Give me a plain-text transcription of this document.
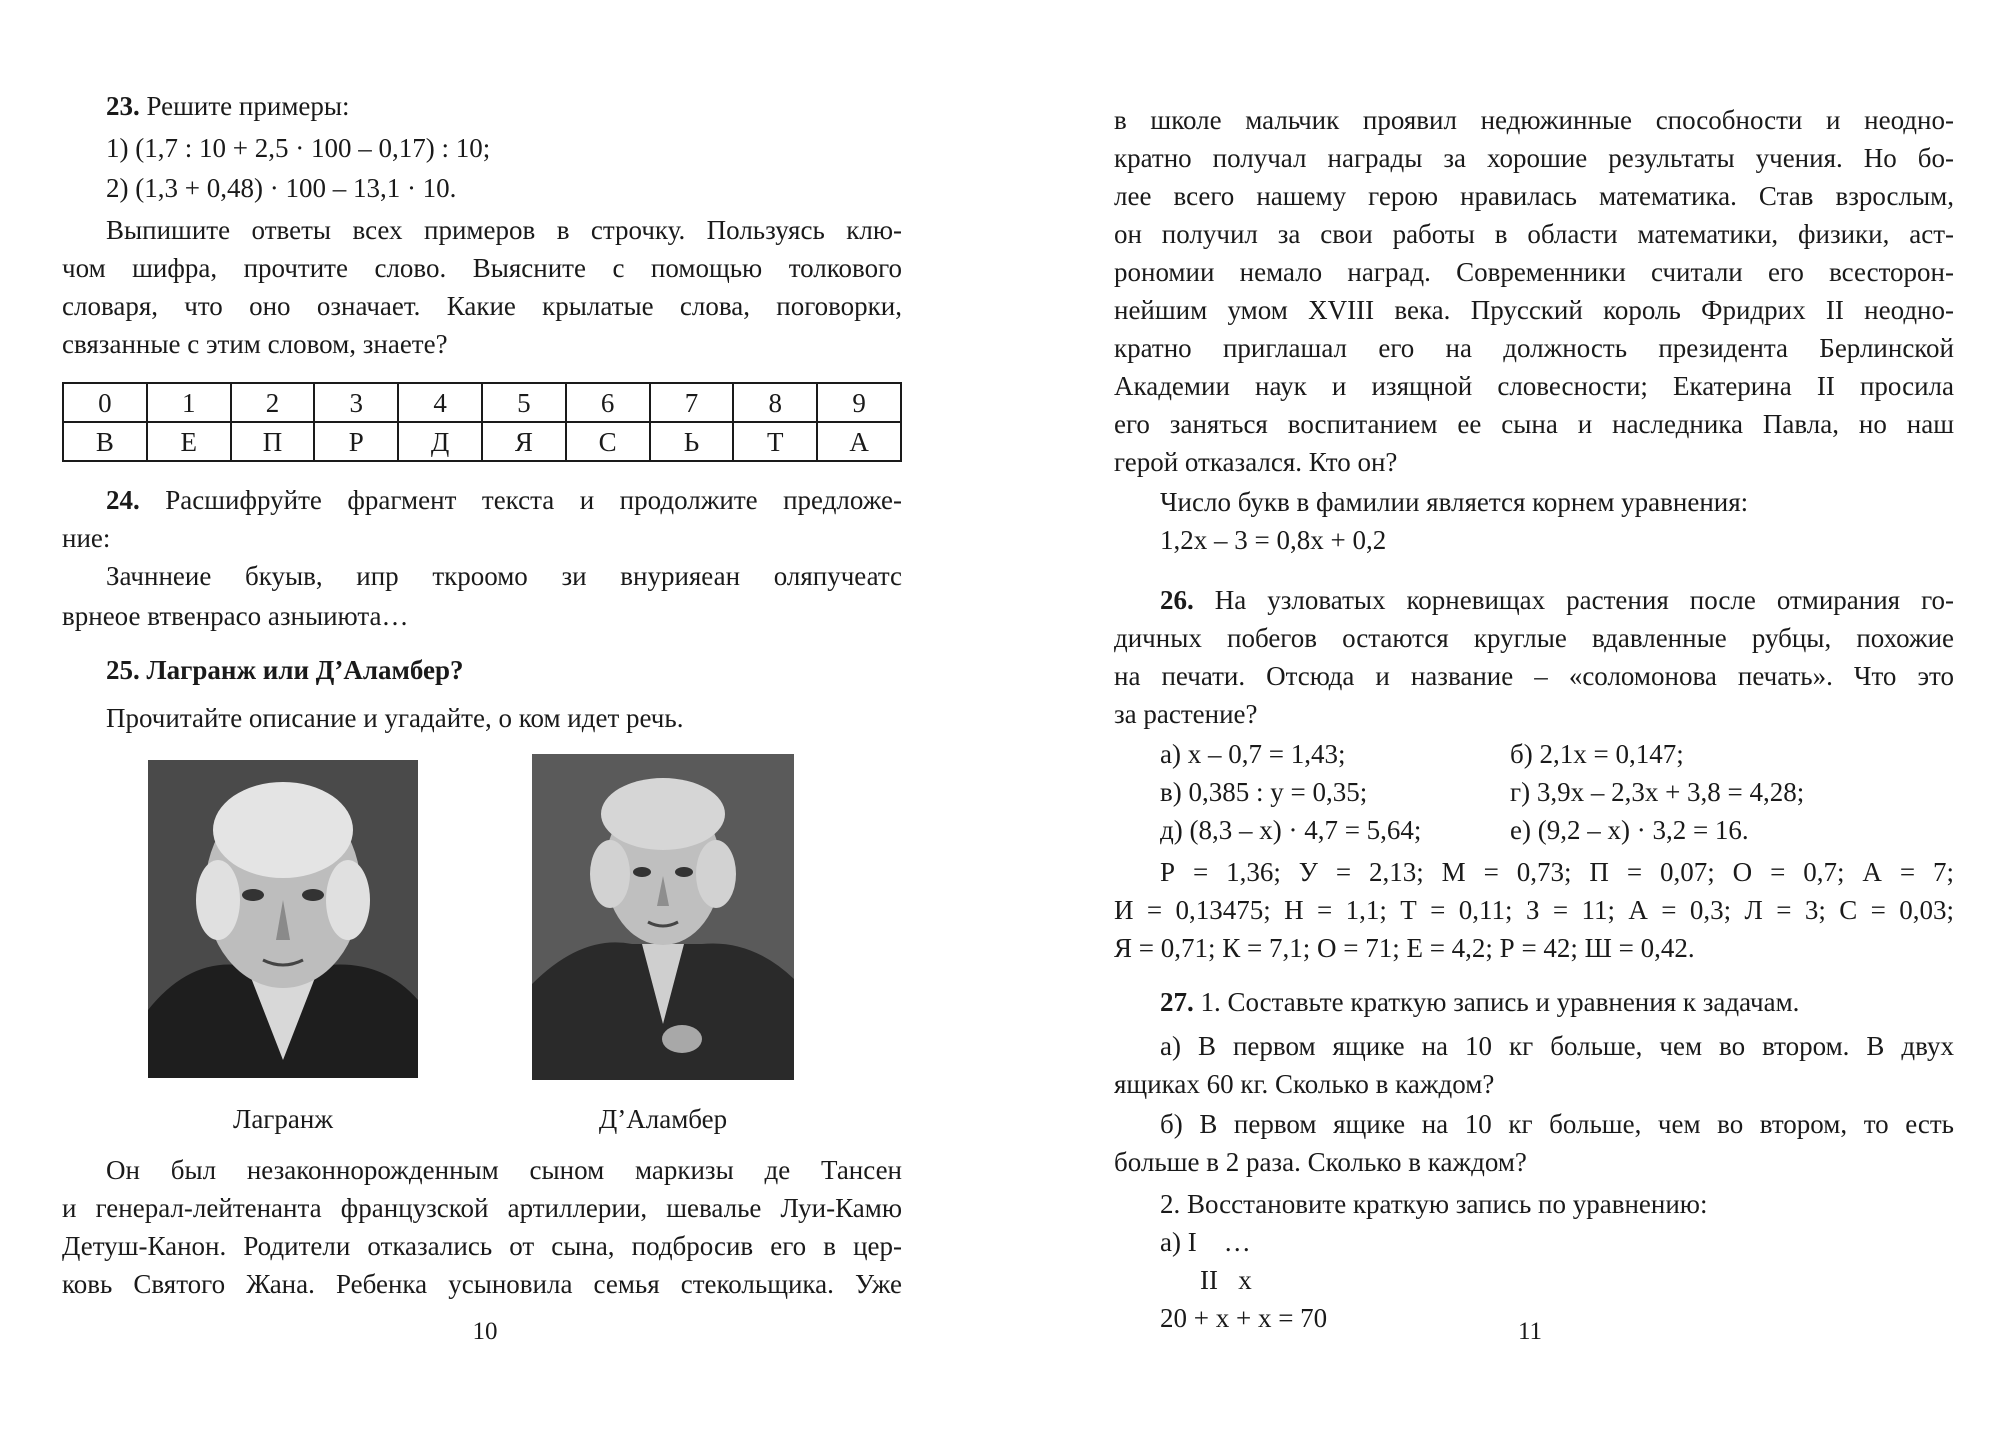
23. Решите примеры:
1) (1,7 : 10 + 2,5 · 100 – 0,17) : 10;
2) (1,3 + 0,48) · 100 – 13,1 · 10.
Выпишите ответы всех примеров в строчку. Пользуясь клю-
чом шифра, прочтите слово. Выясните с помощью толкового
словаря, что оно означает. Какие крылатые слова, поговорки,
связанные с этим словом, знаете?
0	1	2	3	4	5	6	7	8	9
В	Е	П	Р	Д	Я	С	Ь	Т	А
24. Расшифруйте фрагмент текста и продолжите предложе-
ние:
Зачннеие бкуыв, ипр ткроомо зи внурияеан оляпучеатс
врнеое втвенрасо азныиюта…
25. Лагранж или Д’Аламбер?
Прочитайте описание и угадайте, о ком идет речь.
Лагранж	Д’Аламбер
Он был незаконнорожденным сыном маркизы де Тансен
и генерал-лейтенанта французской артиллерии, шевалье Луи-Камю
Детуш-Канон. Родители отказались от сына, подбросив его в цер-
ковь Святого Жана. Ребенка усыновила семья стекольщика. Уже
10
в школе мальчик проявил недюжинные способности и неодно-
кратно получал награды за хорошие результаты учения. Но бо-
лее всего нашему герою нравилась математика. Став взрослым,
он получил за свои работы в области математики, физики, аст-
рономии немало наград. Современники считали его всесторон-
нейшим умом XVIII века. Прусский король Фридрих II неодно-
кратно приглашал его на должность президента Берлинской
Академии наук и изящной словесности; Екатерина II просила
его заняться воспитанием ее сына и наследника Павла, но наш
герой отказался. Кто он?
Число букв в фамилии является корнем уравнения:
1,2x – 3 = 0,8x + 0,2
26. На узловатых корневищах растения после отмирания го-
дичных побегов остаются круглые вдавленные рубцы, похожие
на печати. Отсюда и название – «соломонова печать». Что это
за растение?
а) x – 0,7 = 1,43;	б) 2,1x = 0,147;
в) 0,385 : y = 0,35;	г) 3,9x – 2,3x + 3,8 = 4,28;
д) (8,3 – x) · 4,7 = 5,64;	е) (9,2 – x) · 3,2 = 16.
Р = 1,36; У = 2,13; М = 0,73; П = 0,07; О = 0,7; А = 7;
И = 0,13475; Н = 1,1; Т = 0,11; З = 11; А = 0,3; Л = 3; С = 0,03;
Я = 0,71; К = 7,1; О = 71; Е = 4,2; Р = 42; Ш = 0,42.
27. 1. Составьте краткую запись и уравнения к задачам.
а) В первом ящике на 10 кг больше, чем во втором. В двух
ящиках 60 кг. Сколько в каждом?
б) В первом ящике на 10 кг больше, чем во втором, то есть
больше в 2 раза. Сколько в каждом?
2. Восстановите краткую запись по уравнению:
а) I    …
II   x
20 + x + x = 70	11
